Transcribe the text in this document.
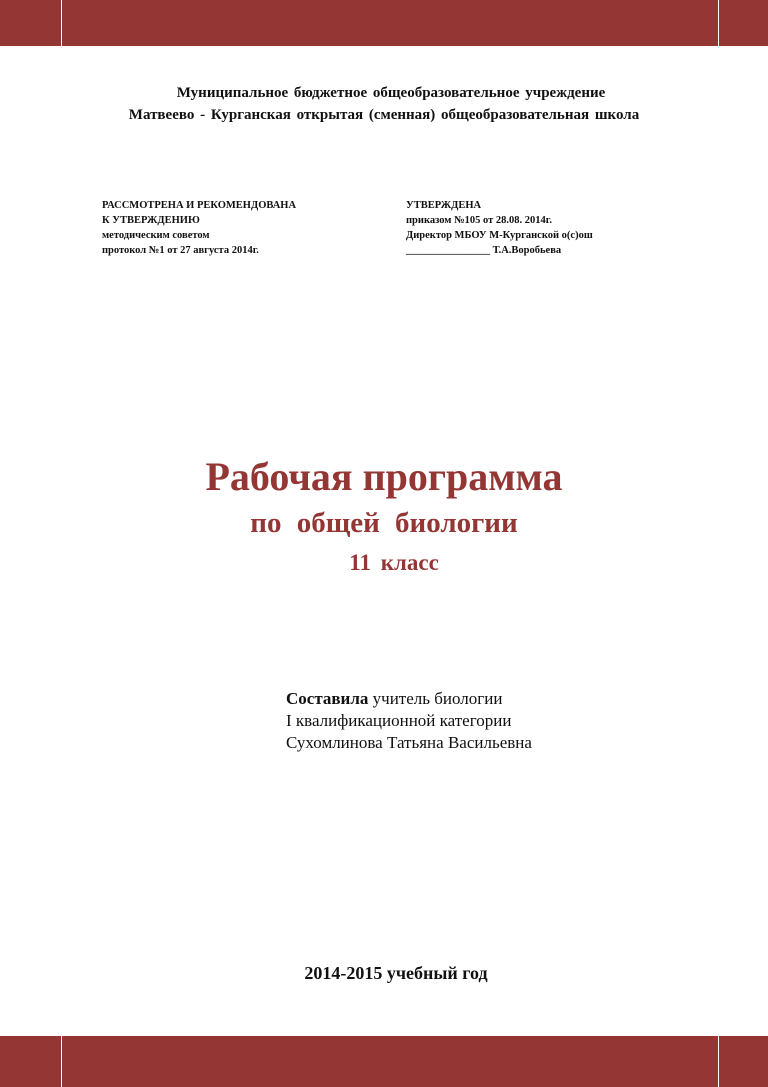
Муниципальное бюджетное общеобразовательное учреждение
Матвеево - Курганская открытая (сменная) общеобразовательная школа
РАССМОТРЕНА И РЕКОМЕНДОВАНА
К УТВЕРЖДЕНИЮ
методическим советом
протокол №1 от 27 августа 2014г.
УТВЕРЖДЕНА
приказом №105 от 28.08. 2014г.
Директор МБОУ М-Курганской о(с)ош
________________ Т.А.Воробьева
Рабочая программа
по общей биологии
11 класс
Составила учитель биологии
I квалификационной категории
Сухомлинова Татьяна Васильевна
2014-2015 учебный год
